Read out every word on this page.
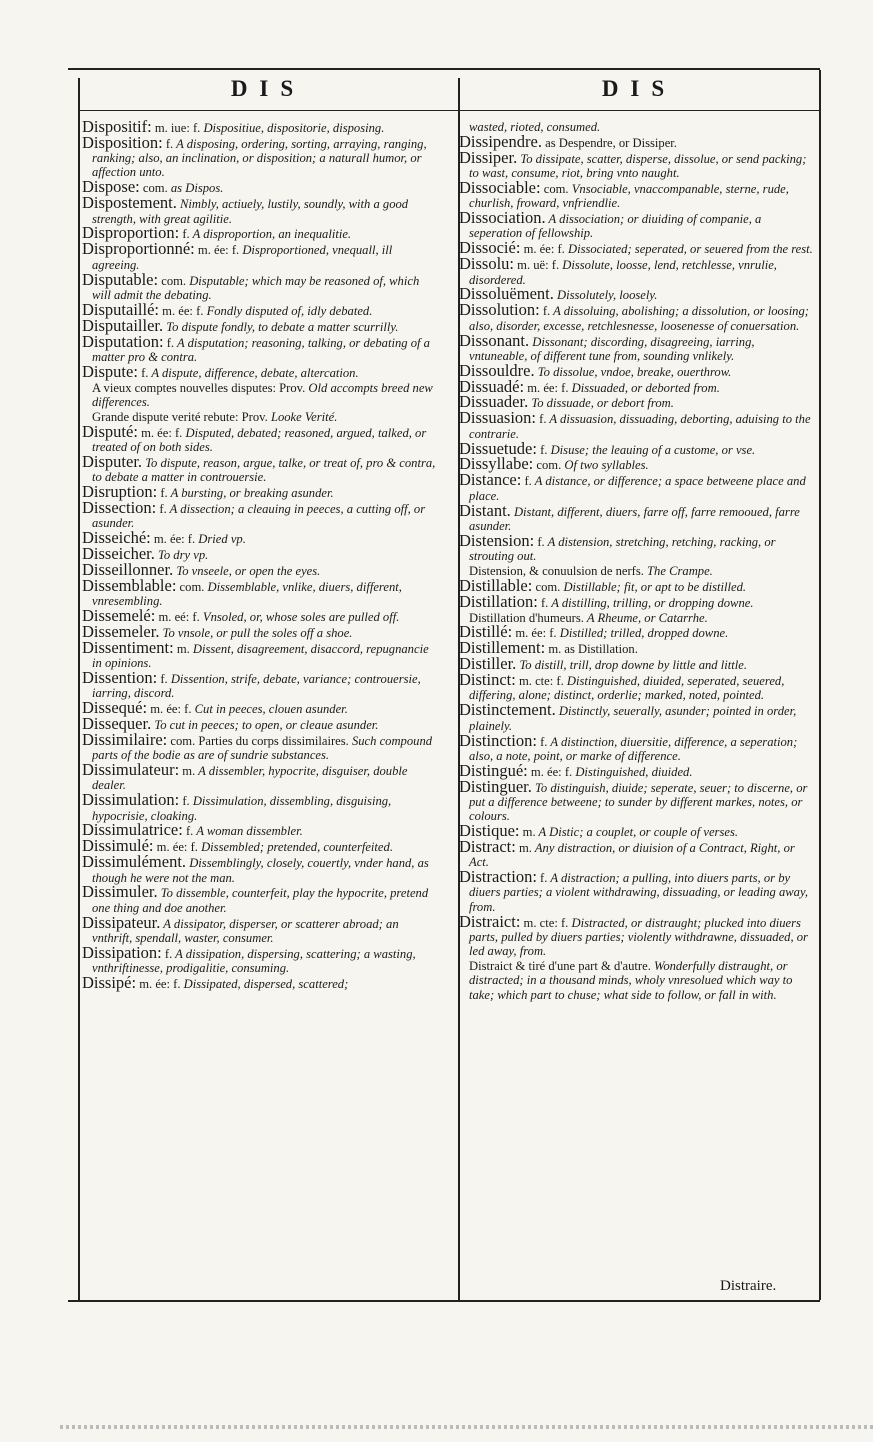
DIS	DIS
Dispositif: m. iue: f. Dispositiue, dispositorie, disposing.
Disposition: f. A disposing, ordering, sorting, arraying, ranging, ranking; also, an inclination, or disposition; a naturall humor, or affection unto.
Dispose: com. as Dispos.
Dispostement. Nimbly, actiuely, lustily, soundly, with a good strength, with great agilitie.
Disproportion: f. A disproportion, an inequalitie.
Disproportionné: m. ée: f. Disproportioned, vnequall, ill agreeing.
Disputable: com. Disputable; which may be reasoned of, which will admit the debating.
Disputaillé: m. ée: f. Fondly disputed of, idly debated.
Disputailler. To dispute fondly, to debate a matter scurrilly.
Disputation: f. A disputation; reasoning, talking, or debating of a matter pro & contra.
Dispute: f. A dispute, difference, debate, altercation.
A vieux comptes nouvelles disputes: Prov. Old accompts breed new differences.
Grande dispute verité rebute: Prov. Looke Verité.
Disputé: m. ée: f. Disputed, debated; reasoned, argued, talked, or treated of on both sides.
Disputer. To dispute, reason, argue, talke, or treat of, pro & contra, to debate a matter in controuersie.
Disruption: f. A bursting, or breaking asunder.
Dissection: f. A dissection; a cleauing in peeces, a cutting off, or asunder.
Disseiché: m. ée: f. Dried vp.
Disseicher. To dry vp.
Disseillonner. To vnseele, or open the eyes.
Dissemblable: com. Dissemblable, vnlike, diuers, different, vnresembling.
Dissemelé: m. eé: f. Vnsoled, or, whose soles are pulled off.
Dissemeler. To vnsole, or pull the soles off a shoe.
Dissentiment: m. Dissent, disagreement, disaccord, repugnancie in opinions.
Dissention: f. Dissention, strife, debate, variance; controuersie, iarring, discord.
Dissequé: m. ée: f. Cut in peeces, clouen asunder.
Dissequer. To cut in peeces; to open, or cleaue asunder.
Dissimilaire: com. Parties du corps dissimilaires. Such compound parts of the bodie as are of sundrie substances.
Dissimulateur: m. A dissembler, hypocrite, disguiser, double dealer.
Dissimulation: f. Dissimulation, dissembling, disguising, hypocrisie, cloaking.
Dissimulatrice: f. A woman dissembler.
Dissimulé: m. ée: f. Dissembled; pretended, counterfeited.
Dissimulément. Dissemblingly, closely, couertly, vnder hand, as though he were not the man.
Dissimuler. To dissemble, counterfeit, play the hypocrite, pretend one thing and doe another.
Dissipateur. A dissipator, disperser, or scatterer abroad; an vnthrift, spendall, waster, consumer.
Dissipation: f. A dissipation, dispersing, scattering; a wasting, vnthriftinesse, prodigalitie, consuming.
Dissipé: m. ée: f. Dissipated, dispersed, scattered;
wasted, rioted, consumed.
Dissipendre. as Despendre, or Dissiper.
Dissiper. To dissipate, scatter, disperse, dissolue, or send packing; to wast, consume, riot, bring vnto naught.
Dissociable: com. Vnsociable, vnaccompanable, sterne, rude, churlish, froward, vnfriendlie.
Dissociation. A dissociation; or diuiding of companie, a seperation of fellowship.
Dissocié: m. ée: f. Dissociated; seperated, or seuered from the rest.
Dissolu: m. uë: f. Dissolute, loosse, lend, retchlesse, vnrulie, disordered.
Dissoluëment. Dissolutely, loosely.
Dissolution: f. A dissoluing, abolishing; a dissolution, or loosing; also, disorder, excesse, retchlesnesse, loosenesse of conuersation.
Dissonant. Dissonant; discording, disagreeing, iarring, vntuneable, of different tune from, sounding vnlikely.
Dissouldre. To dissolue, vndoe, breake, ouerthrow.
Dissuadé: m. ée: f. Dissuaded, or deborted from.
Dissuader. To dissuade, or debort from.
Dissuasion: f. A dissuasion, dissuading, deborting, aduising to the contrarie.
Dissuetude: f. Disuse; the leauing of a custome, or vse.
Dissyllabe: com. Of two syllables.
Distance: f. A distance, or difference; a space betweene place and place.
Distant. Distant, different, diuers, farre off, farre remooued, farre asunder.
Distension: f. A distension, stretching, retching, racking, or strouting out.
Distension, & conuulsion de nerfs. The Crampe.
Distillable: com. Distillable; fit, or apt to be distilled.
Distillation: f. A distilling, trilling, or dropping downe.
Distillation d'humeurs. A Rheume, or Catarrhe.
Distillé: m. ée: f. Distilled; trilled, dropped downe.
Distillement: m. as Distillation.
Distiller. To distill, trill, drop downe by little and little.
Distinct: m. cte: f. Distinguished, diuided, seperated, seuered, differing, alone; distinct, orderlie; marked, noted, pointed.
Distinctement. Distinctly, seuerally, asunder; pointed in order, plainely.
Distinction: f. A distinction, diuersitie, difference, a seperation; also, a note, point, or marke of difference.
Distingué: m. ée: f. Distinguished, diuided.
Distinguer. To distinguish, diuide; seperate, seuer; to discerne, or put a difference betweene; to sunder by different markes, notes, or colours.
Distique: m. A Distic; a couplet, or couple of verses.
Distract: m. Any distraction, or diuision of a Contract, Right, or Act.
Distraction: f. A distraction; a pulling, into diuers parts, or by diuers parties; a violent withdrawing, dissuading, or leading away, from.
Distraict: m. cte: f. Distracted, or distraught; plucked into diuers parts, pulled by diuers parties; violently withdrawne, dissuaded, or led away, from.
Distraict & tiré d'une part & d'autre. Wonderfully distraught, or distracted; in a thousand minds, wholy vnresolued which way to take; which part to chuse; what side to follow, or fall in with.
Distraire.
